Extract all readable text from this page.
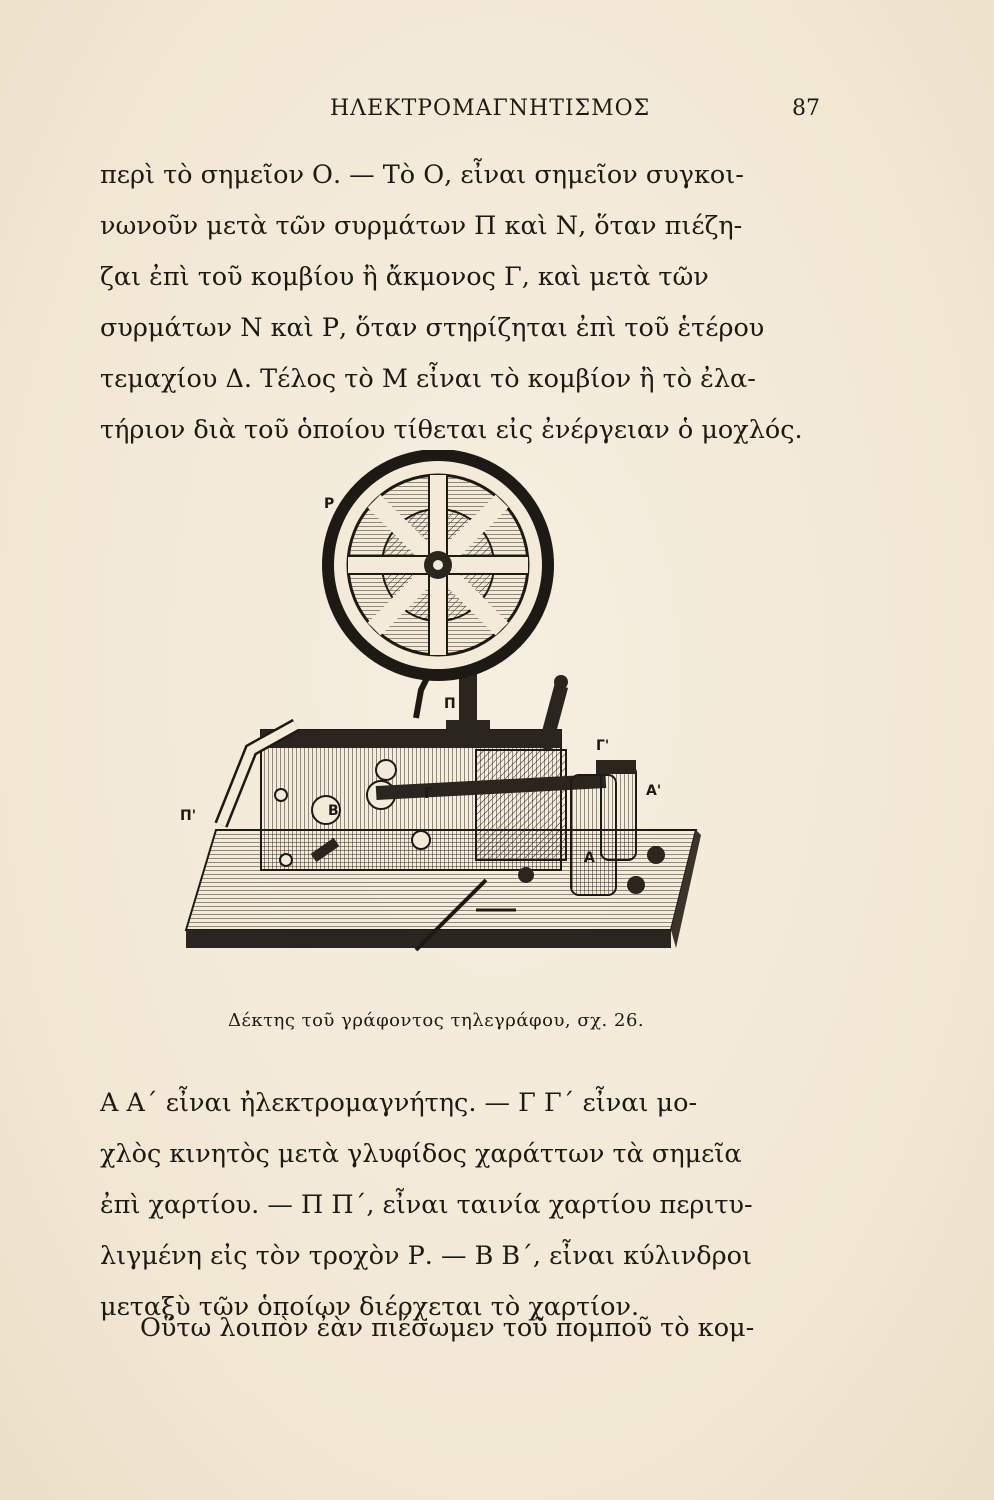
ΗΛΕΚΤΡΟΜΑΓΝΗΤΙΣΜΟΣ	87

περὶ τὸ σημεῖον Ο. — Τὸ Ο, εἶναι σημεῖον συγκοι-
νωνοῦν μετὰ τῶν συρμάτων Π καὶ Ν, ὅταν πιέζη-
ζαι ἐπὶ τοῦ κομβίου ἢ ἄκμονος Γ, καὶ μετὰ τῶν
συρμάτων Ν καὶ Ρ, ὅταν στηρίζηται ἐπὶ τοῦ ἑτέρου
τεμαχίου Δ. Τέλος τὸ Μ εἶναι τὸ κομβίον ἢ τὸ ἐλα-
τήριον διὰ τοῦ ὁποίου τίθεται εἰς ἐνέργειαν ὁ μοχλός.

P
Π
Π'
Γ'
Α'
Α
B
Γ
Δέκτης τοῦ γράφοντος τηλεγράφου, σχ. 26.

Α Α΄ εἶναι ἠλεκτρομαγνήτης. — Γ Γ΄ εἶναι μο-
χλὸς κινητὸς μετὰ γλυφίδος χαράττων τὰ σημεῖα
ἐπὶ χαρτίου. — Π Π΄, εἶναι ταινία χαρτίου περιτυ-
λιγμένη εἰς τὸν τροχὸν Ρ. — Β Β΄, εἶναι κύλινδροι
μεταξὺ τῶν ὁποίων διέρχεται τὸ χαρτίον.

Οὕτω λοιπὸν ἐὰν πιέσωμεν τοῦ πομποῦ τὸ κομ-
